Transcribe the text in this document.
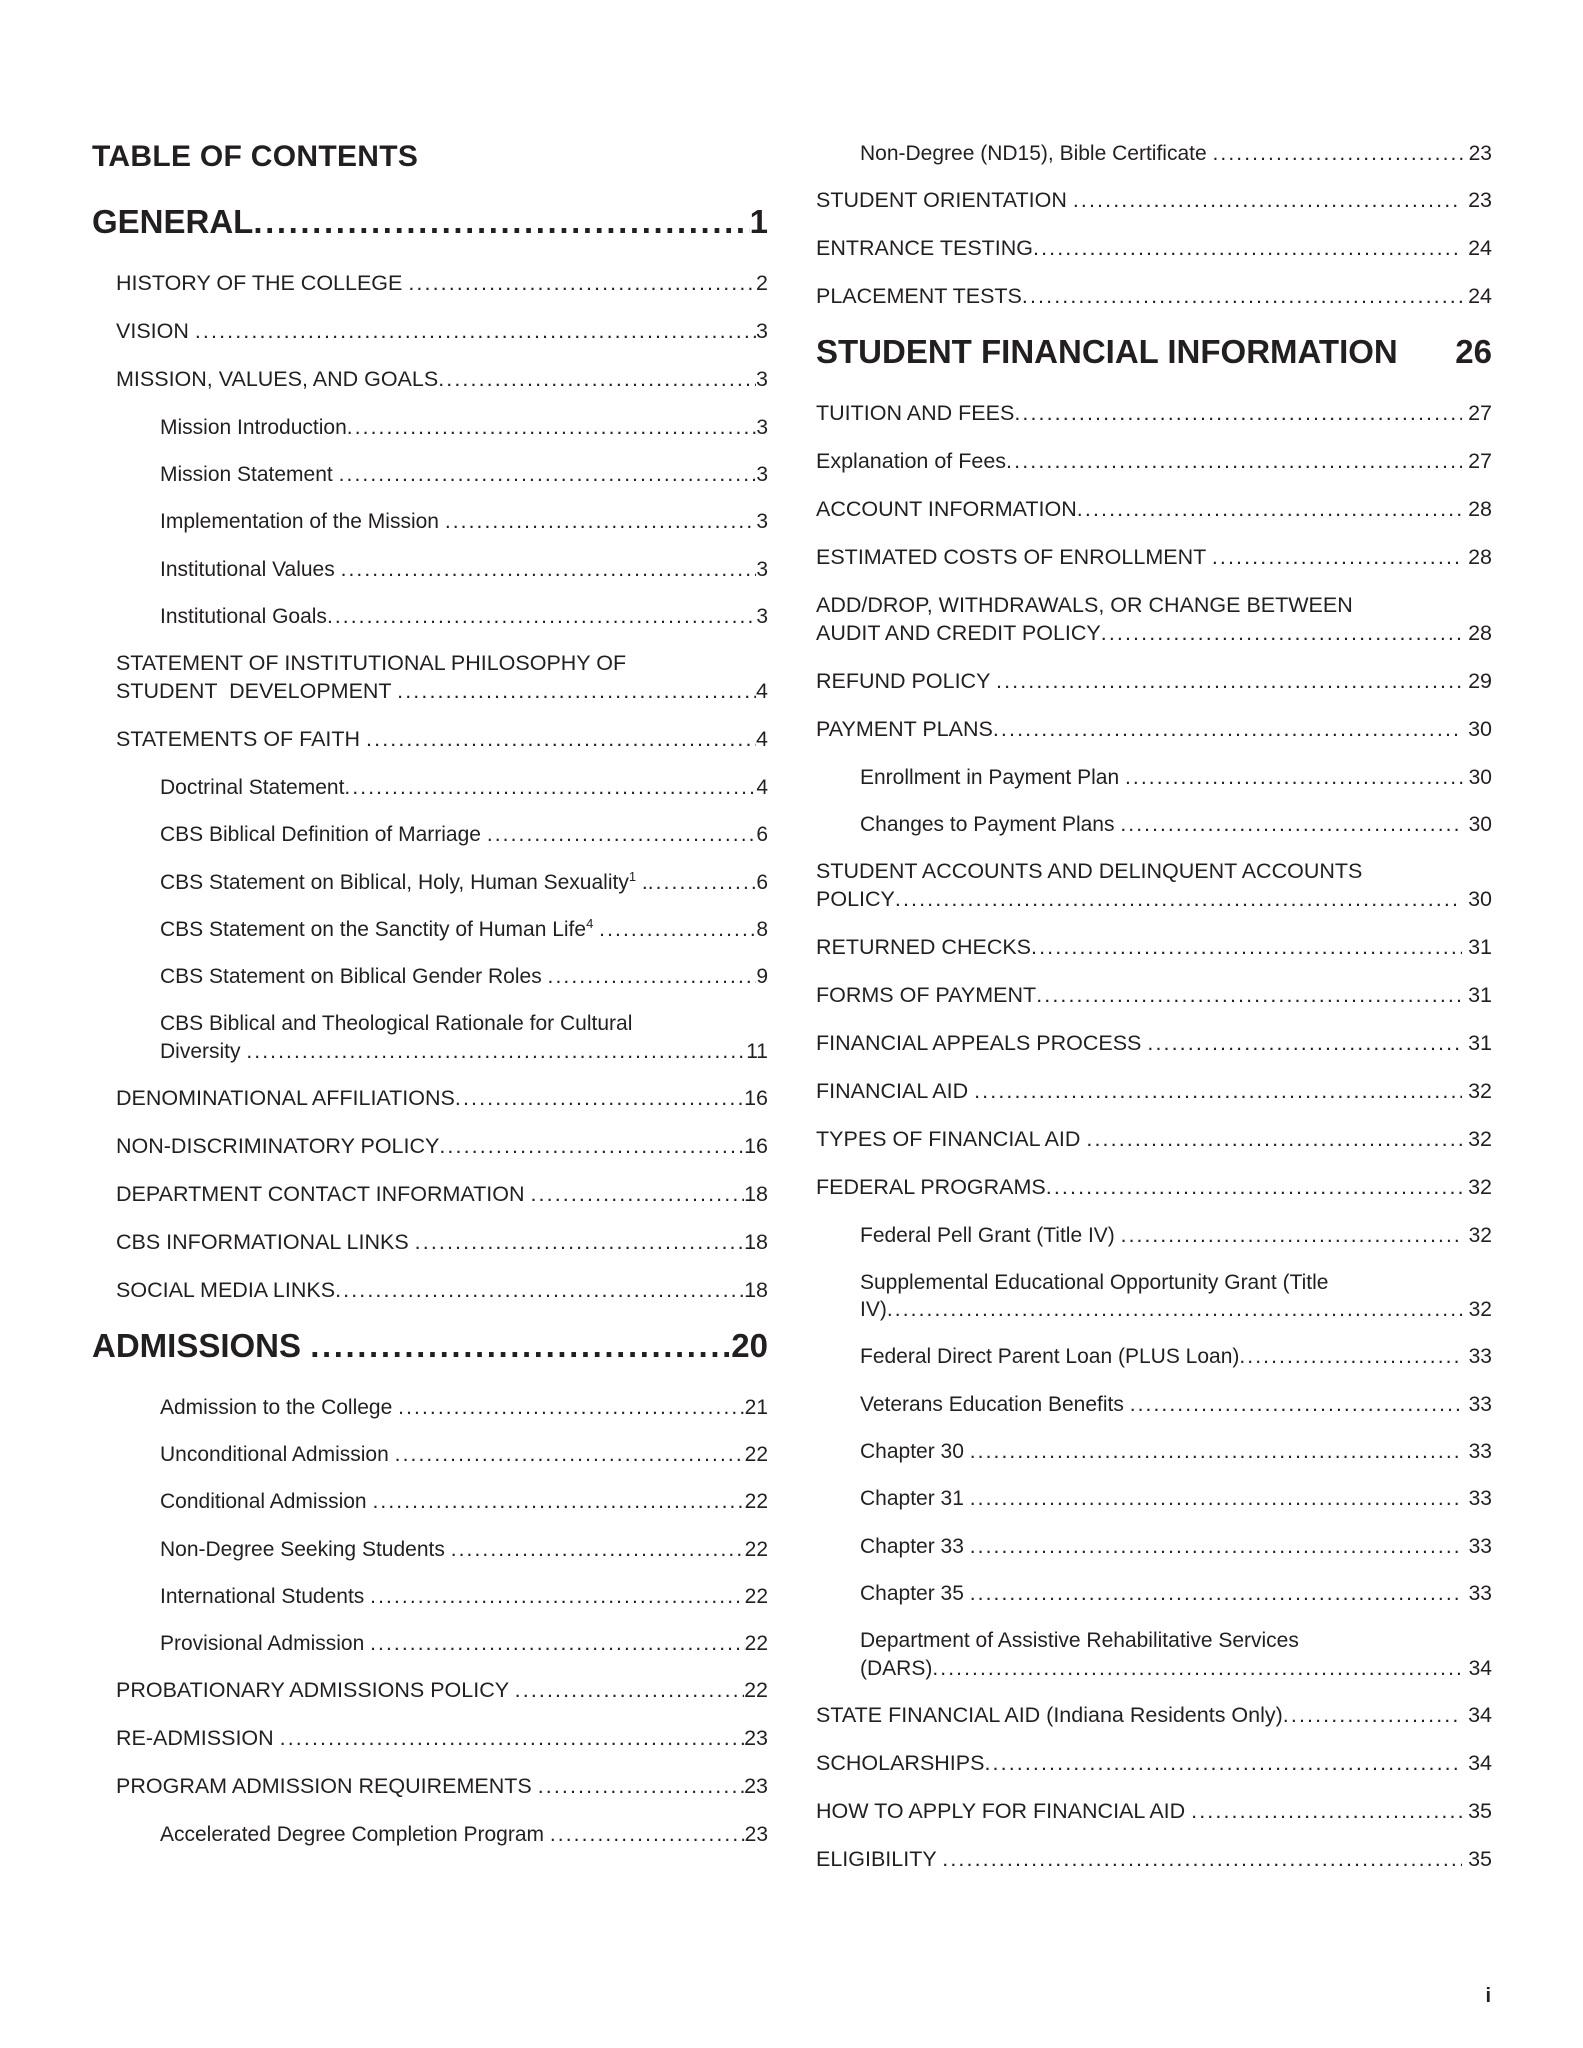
TABLE OF CONTENTS
GENERAL .....	1
HISTORY OF THE COLLEGE .....	2
VISION .....	3
MISSION, VALUES, AND GOALS .....	3
Mission Introduction .....	3
Mission Statement .....	3
Implementation of the Mission .....	3
Institutional Values .....	3
Institutional Goals .....	3
STATEMENT OF INSTITUTIONAL PHILOSOPHY OF
STUDENT  DEVELOPMENT .....	4
STATEMENTS OF FAITH .....	4
Doctrinal Statement .....	4
CBS Biblical Definition of Marriage .....	6
CBS Statement on Biblical, Holy, Human Sexuality$^1$ . .....	6
CBS Statement on the Sanctity of Human Life$^4$ .....	8
CBS Statement on Biblical Gender Roles .....	9
CBS Biblical and Theological Rationale for Cultural
Diversity .....	11
DENOMINATIONAL AFFILIATIONS .....	16
NON-DISCRIMINATORY POLICY .....	16
DEPARTMENT CONTACT INFORMATION .....	18
CBS INFORMATIONAL LINKS .....	18
SOCIAL MEDIA LINKS .....	18
ADMISSIONS .....	20
Admission to the College .....	21
Unconditional Admission .....	22
Conditional Admission .....	22
Non-Degree Seeking Students .....	22
International Students .....	22
Provisional Admission .....	22
PROBATIONARY ADMISSIONS POLICY .....	22
RE-ADMISSION .....	23
PROGRAM ADMISSION REQUIREMENTS .....	23
Accelerated Degree Completion Program .....	23
Non-Degree (ND15), Bible Certificate .....	23
STUDENT ORIENTATION .....	23
ENTRANCE TESTING .....	24
PLACEMENT TESTS .....	24
STUDENT FINANCIAL INFORMATION 26
TUITION AND FEES .....	27
Explanation of Fees .....	27
ACCOUNT INFORMATION .....	28
ESTIMATED COSTS OF ENROLLMENT .....	28
ADD/DROP, WITHDRAWALS, OR CHANGE BETWEEN
AUDIT AND CREDIT POLICY .....	28
REFUND POLICY .....	29
PAYMENT PLANS .....	30
Enrollment in Payment Plan .....	30
Changes to Payment Plans .....	30
STUDENT ACCOUNTS AND DELINQUENT ACCOUNTS
POLICY .....	30
RETURNED CHECKS .....	31
FORMS OF PAYMENT .....	31
FINANCIAL APPEALS PROCESS .....	31
FINANCIAL AID .....	32
TYPES OF FINANCIAL AID .....	32
FEDERAL PROGRAMS .....	32
Federal Pell Grant (Title IV) .....	32
Supplemental Educational Opportunity Grant (Title
IV) .....	32
Federal Direct Parent Loan (PLUS Loan) .....	33
Veterans Education Benefits .....	33
Chapter 30 .....	33
Chapter 31 .....	33
Chapter 33 .....	33
Chapter 35 .....	33
Department of Assistive Rehabilitative Services
(DARS) .....	34
STATE FINANCIAL AID (Indiana Residents Only) .....	34
SCHOLARSHIPS .....	34
HOW TO APPLY FOR FINANCIAL AID .....	35
ELIGIBILITY .....	35
i
